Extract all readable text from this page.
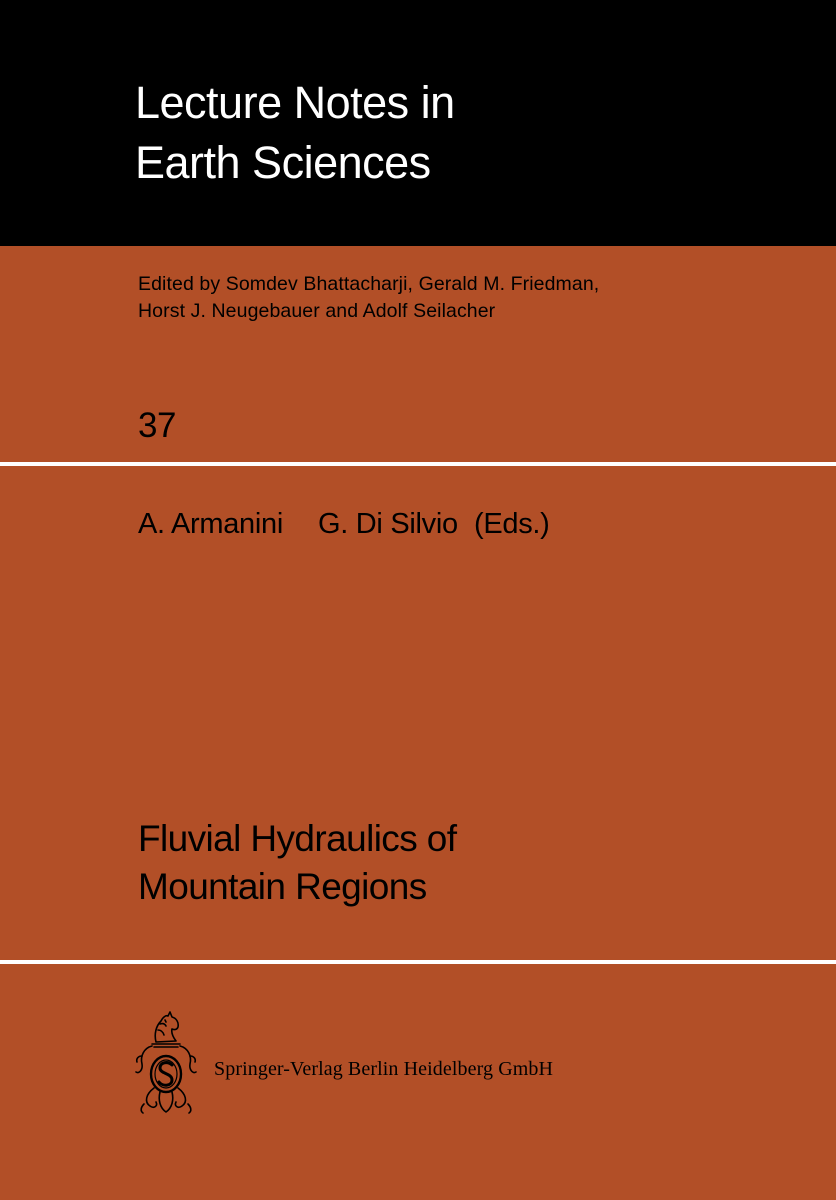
Lecture Notes in
Earth Sciences
Edited by Somdev Bhattacharji, Gerald M. Friedman,
Horst J. Neugebauer and Adolf Seilacher
37
A. Armanini G. Di Silvio (Eds.)
Fluvial Hydraulics of
Mountain Regions
Springer-Verlag Berlin Heidelberg GmbH
